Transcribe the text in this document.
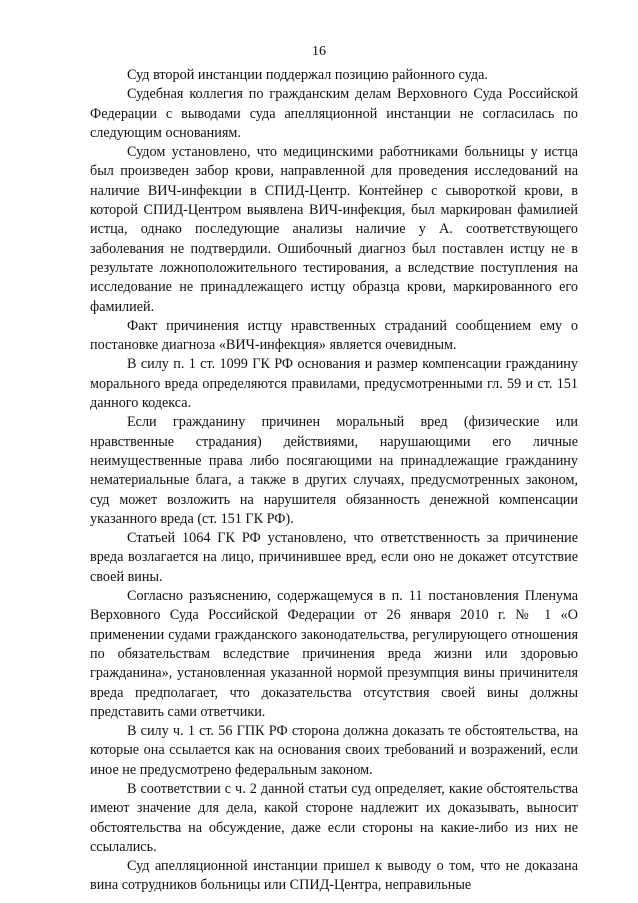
16

Суд второй инстанции поддержал позицию районного суда.

Судебная коллегия по гражданским делам Верховного Суда Российской Федерации с выводами суда апелляционной инстанции не согласилась по следующим основаниям.

Судом установлено, что медицинскими работниками больницы у истца был произведен забор крови, направленной для проведения исследований на наличие ВИЧ-инфекции в СПИД-Центр. Контейнер с сывороткой крови, в которой СПИД-Центром выявлена ВИЧ-инфекция, был маркирован фамилией истца, однако последующие анализы наличие у А. соответствующего заболевания не подтвердили. Ошибочный диагноз был поставлен истцу не в результате ложноположительного тестирования, а вследствие поступления на исследование не принадлежащего истцу образца крови, маркированного его фамилией.

Факт причинения истцу нравственных страданий сообщением ему о постановке диагноза «ВИЧ-инфекция» является очевидным.

В силу п. 1 ст. 1099 ГК РФ основания и размер компенсации гражданину морального вреда определяются правилами, предусмотренными гл. 59 и ст. 151 данного кодекса.

Если гражданину причинен моральный вред (физические или нравственные страдания) действиями, нарушающими его личные неимущественные права либо посягающими на принадлежащие гражданину нематериальные блага, а также в других случаях, предусмотренных законом, суд может возложить на нарушителя обязанность денежной компенсации указанного вреда (ст. 151 ГК РФ).

Статьей 1064 ГК РФ установлено, что ответственность за причинение вреда возлагается на лицо, причинившее вред, если оно не докажет отсутствие своей вины.

Согласно разъяснению, содержащемуся в п. 11 постановления Пленума Верховного Суда Российской Федерации от 26 января 2010 г. № 1 «О применении судами гражданского законодательства, регулирующего отношения по обязательствам вследствие причинения вреда жизни или здоровью гражданина», установленная указанной нормой презумпция вины причинителя вреда предполагает, что доказательства отсутствия своей вины должны представить сами ответчики.

В силу ч. 1 ст. 56 ГПК РФ сторона должна доказать те обстоятельства, на которые она ссылается как на основания своих требований и возражений, если иное не предусмотрено федеральным законом.

В соответствии с ч. 2 данной статьи суд определяет, какие обстоятельства имеют значение для дела, какой стороне надлежит их доказывать, выносит обстоятельства на обсуждение, даже если стороны на какие-либо из них не ссылались.

Суд апелляционной инстанции пришел к выводу о том, что не доказана вина сотрудников больницы или СПИД-Центра, неправильные
